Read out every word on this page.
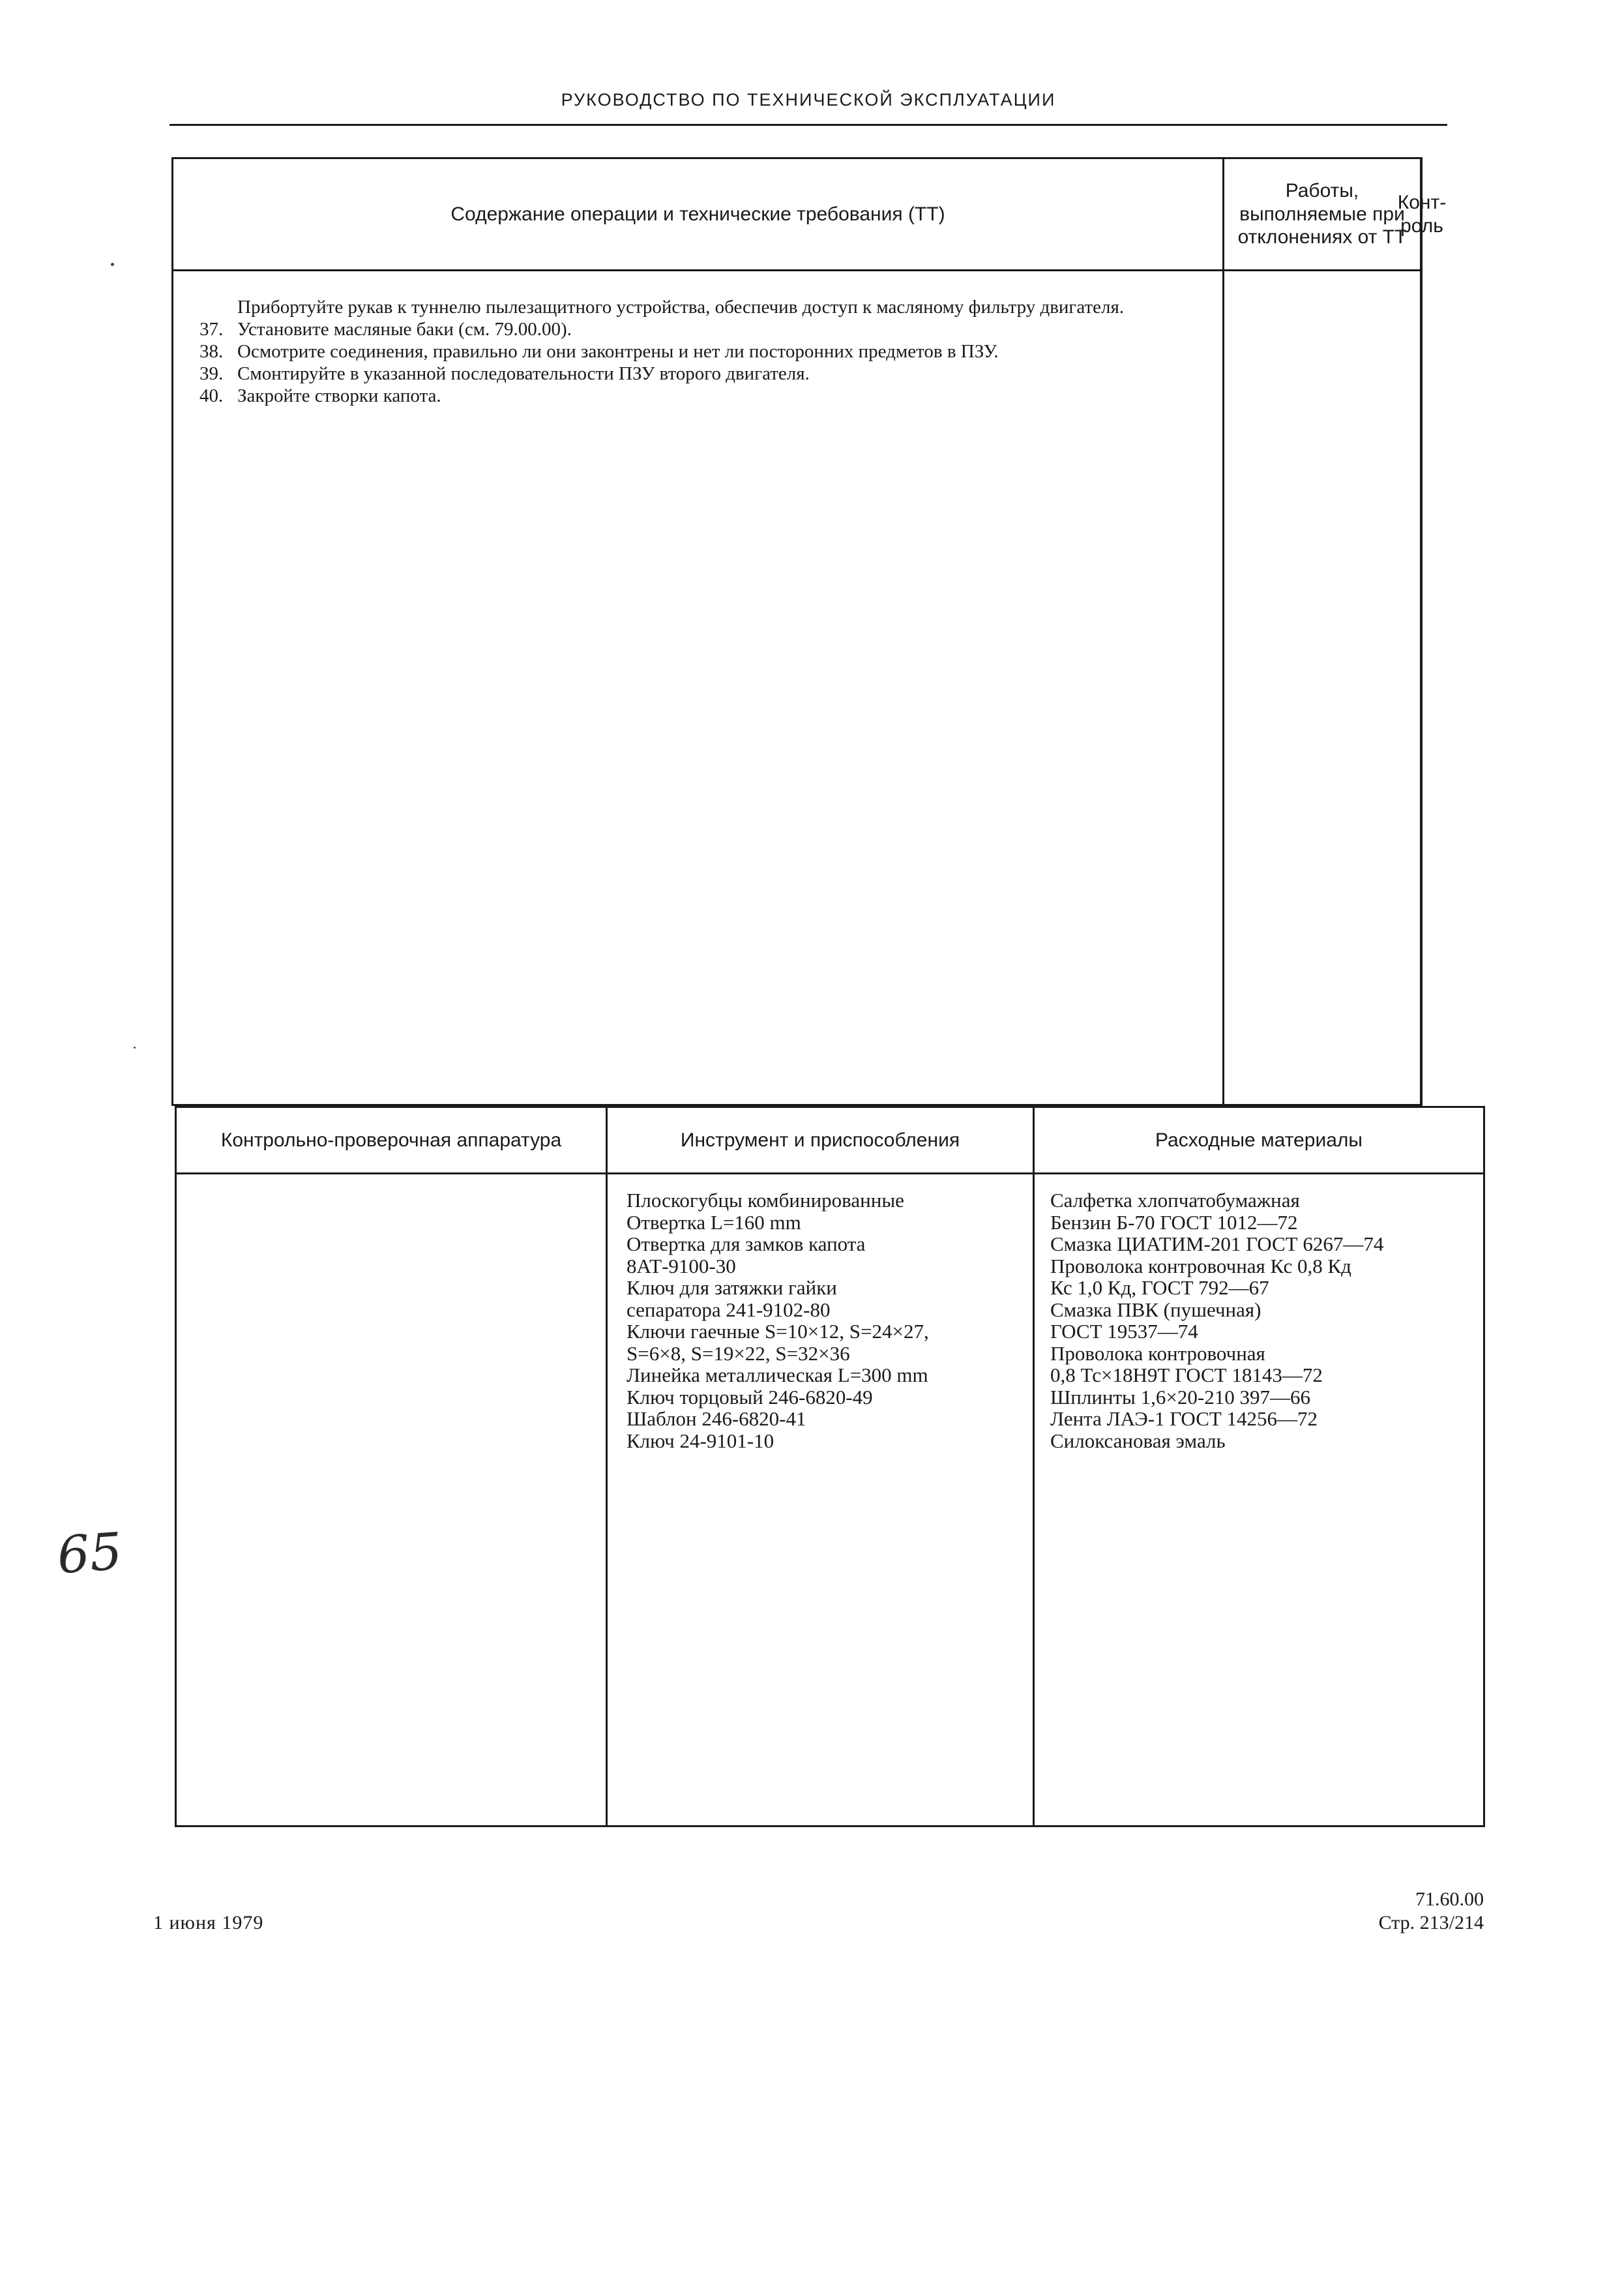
РУКОВОДСТВО ПО ТЕХНИЧЕСКОЙ ЭКСПЛУАТАЦИИ
Содержание операции и технические требования (ТТ)
Работы, выполняемые при отклонениях от ТТ
Конт-роль
Прибортуйте рукав к туннелю пылезащитного устройства, обеспечив доступ к масляному фильтру двигателя.
37. Установите масляные баки (см. 79.00.00).
38. Осмотрите соединения, правильно ли они законтрены и нет ли посторонних предметов в ПЗУ.
39. Смонтируйте в указанной последовательности ПЗУ второго двигателя.
40. Закройте створки капота.
Контрольно-проверочная аппаратура	Инструмент и приспособления	Расходные материалы
Плоскогубцы комбинированные
Отвертка L=160 mm
Отвертка для замков капота
8АТ-9100-30
Ключ для затяжки гайки
сепаратора 241-9102-80
Ключи гаечные S=10×12, S=24×27,
S=6×8, S=19×22, S=32×36
Линейка металлическая L=300 mm
Ключ торцовый 246-6820-49
Шаблон 246-6820-41
Ключ 24-9101-10
Салфетка хлопчатобумажная
Бензин Б-70 ГОСТ 1012—72
Смазка ЦИАТИМ-201 ГОСТ 6267—74
Проволока контровочная Кс 0,8 Кд
Кс 1,0 Кд, ГОСТ 792—67
Смазка ПВК (пушечная)
ГОСТ 19537—74
Проволока контровочная
0,8 Тс×18Н9Т ГОСТ 18143—72
Шплинты 1,6×20-210 397—66
Лента ЛАЭ-1 ГОСТ 14256—72
Силоксановая эмаль
65
1 июня 1979
71.60.00
Стр. 213/214
